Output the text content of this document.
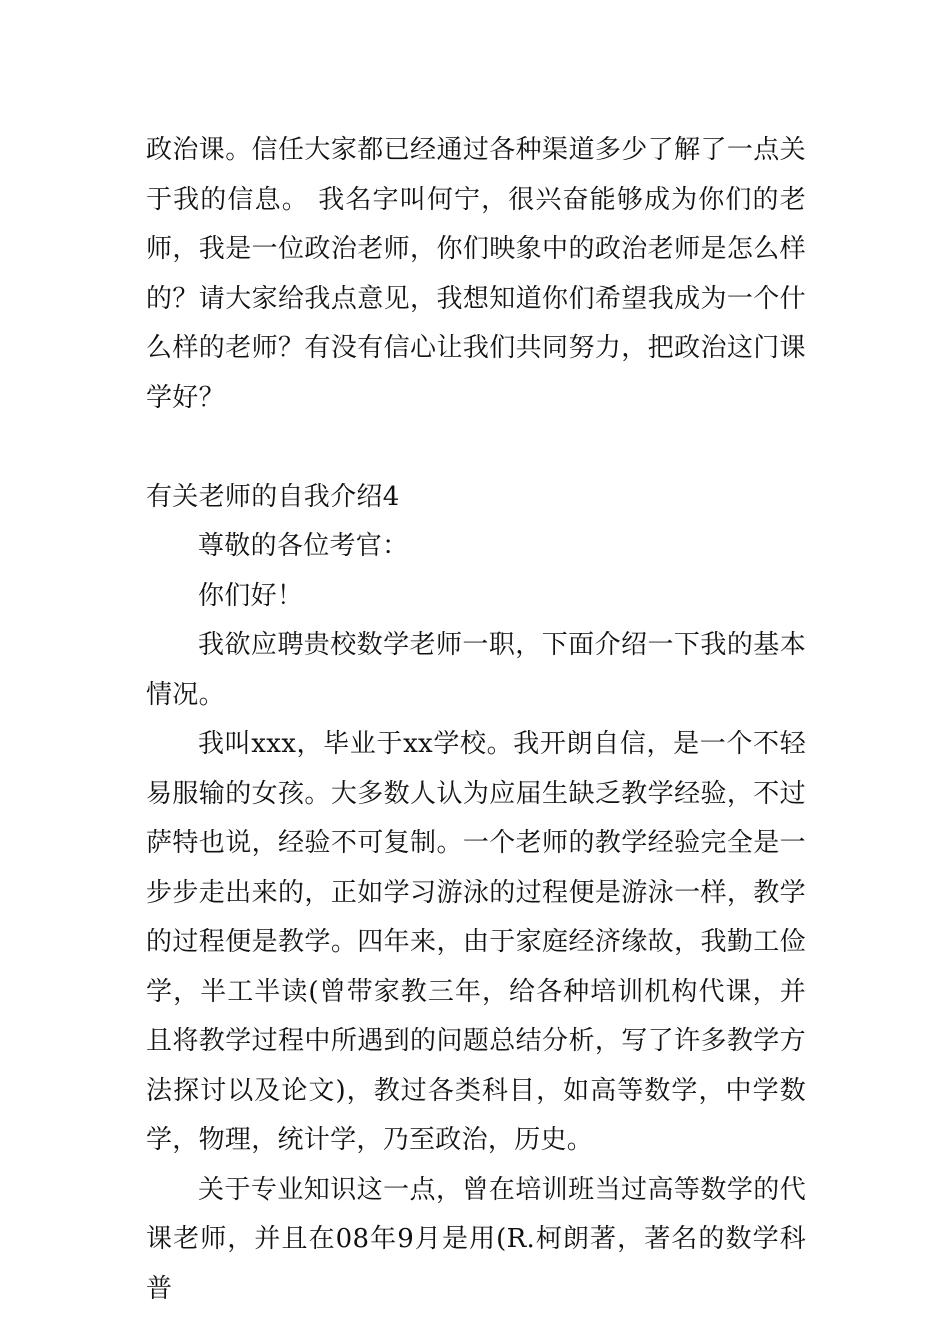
政治课。信任大家都已经通过各种渠道多少了解了一点关于我的信息。 我名字叫何宁，很兴奋能够成为你们的老师，我是一位政治老师，你们映象中的政治老师是怎么样的？请大家给我点意见，我想知道你们希望我成为一个什么样的老师？有没有信心让我们共同努力，把政治这门课学好？

有关老师的自我介绍4

尊敬的各位考官：

你们好！

我欲应聘贵校数学老师一职，下面介绍一下我的基本情况。

我叫xxx，毕业于xx学校。我开朗自信，是一个不轻易服输的女孩。大多数人认为应届生缺乏教学经验，不过萨特也说，经验不可复制。一个老师的教学经验完全是一步步走出来的，正如学习游泳的过程便是游泳一样，教学的过程便是教学。四年来，由于家庭经济缘故，我勤工俭学，半工半读(曾带家教三年，给各种培训机构代课，并且将教学过程中所遇到的问题总结分析，写了许多教学方法探讨以及论文)，教过各类科目，如高等数学，中学数学，物理，统计学，乃至政治，历史。

关于专业知识这一点，曾在培训班当过高等数学的代课老师，并且在08年9月是用(R.柯朗著，著名的数学科普
